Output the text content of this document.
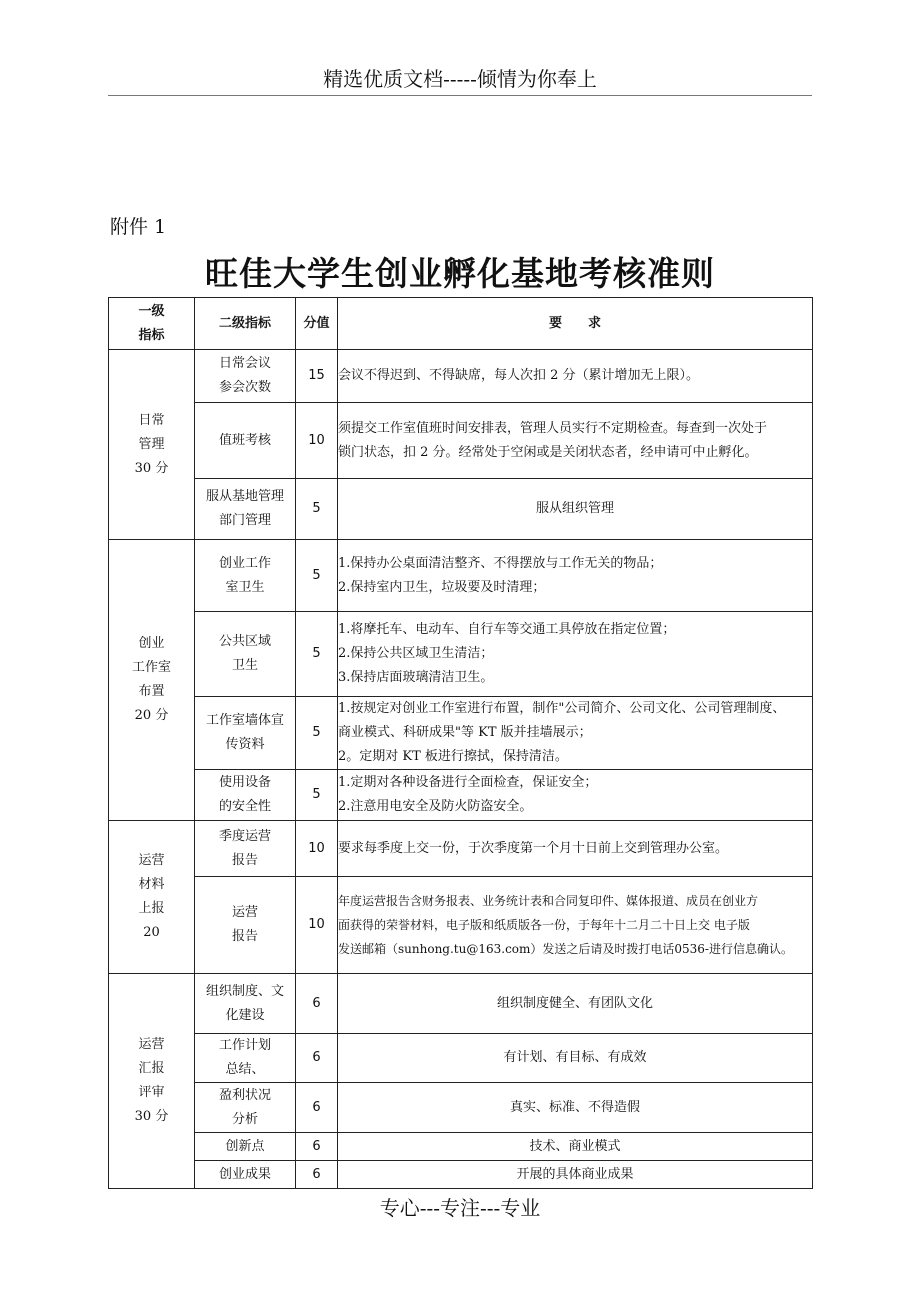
精选优质文档-----倾情为你奉上
附件 1
旺佳大学生创业孵化基地考核准则
一级
指标	二级指标	分值	要　　求

日常
管理
30 分	日常会议
参会次数	15	会议不得迟到、不得缺席，每人次扣 2 分（累计增加无上限）。

	值班考核	10	须提交工作室值班时间安排表，管理人员实行不定期检查。每查到一次处于
锁门状态，扣 2 分。经常处于空闲或是关闭状态者，经申请可中止孵化。

	服从基地管理
部门管理	5	服从组织管理

创业
工作室
布置
20 分	创业工作
室卫生	5	1.保持办公桌面清洁整齐、不得摆放与工作无关的物品；
2.保持室内卫生，垃圾要及时清理；

	公共区域
卫生	5	1.将摩托车、电动车、自行车等交通工具停放在指定位置；
2.保持公共区域卫生清洁；
3.保持店面玻璃清洁卫生。

	工作室墙体宣
传资料	5	1.按规定对创业工作室进行布置，制作"公司简介、公司文化、公司管理制度、
商业模式、科研成果"等 KT 版并挂墙展示；
2。定期对 KT 板进行擦拭，保持清洁。

	使用设备
的安全性	5	1.定期对各种设备进行全面检查，保证安全；
2.注意用电安全及防火防盗安全。

运营
材料
上报
20	季度运营
报告	10	要求每季度上交一份，于次季度第一个月十日前上交到管理办公室。

	运营
报告	10	年度运营报告含财务报表、业务统计表和合同复印件、媒体报道、成员在创业方
面获得的荣誉材料，电子版和纸质版各一份，于每年十二月二十日上交 电子版
发送邮箱（sunhong.tu@163.com）发送之后请及时拨打电话0536-进行信息确认。

运营
汇报
评审
30 分	组织制度、文
化建设	6	组织制度健全、有团队文化

	工作计划
总结、	6	有计划、有目标、有成效

	盈利状况
分析	6	真实、标准、不得造假

	创新点	6	技术、商业模式

	创业成果	6	开展的具体商业成果
专心---专注---专业
